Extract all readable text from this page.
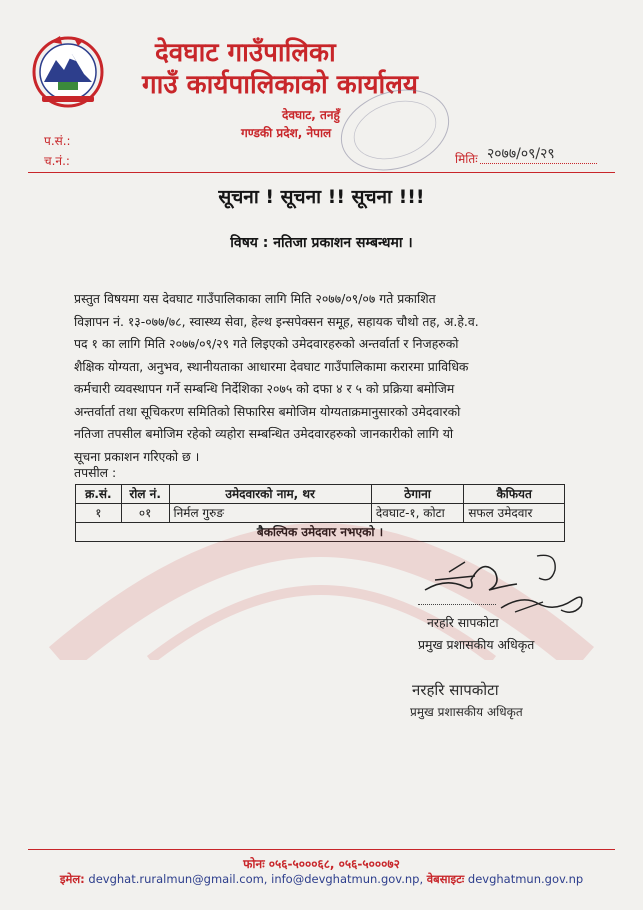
देवघाट गाउँपालिका
गाउँ कार्यपालिकाको कार्यालय
देवघाट, तनहुँ
गण्डकी प्रदेश, नेपाल
प.सं.:
च.नं.:	मितिः २०७७/०९/२९
सूचना ! सूचना !! सूचना !!!
विषय : नतिजा प्रकाशन सम्बन्धमा ।
प्रस्तुत विषयमा यस देवघाट गाउँपालिकाका लागि मिति २०७७/०९/०७ गते प्रकाशित
विज्ञापन नं. १३-०७७/७८, स्वास्थ्य सेवा, हेल्थ इन्सपेक्सन समूह, सहायक चौथो तह, अ.हे.व.
पद १ का लागि मिति २०७७/०९/२९ गते लिइएको उमेदवारहरुको अन्तर्वार्ता र निजहरुको
शैक्षिक योग्यता, अनुभव, स्थानीयताका आधारमा देवघाट गाउँपालिकामा करारमा प्राविधिक
कर्मचारी व्यवस्थापन गर्ने सम्बन्धि निर्देशिका २०७५ को दफा ४ र ५ को प्रक्रिया बमोजिम
अन्तर्वार्ता तथा सूचिकरण समितिको सिफारिस बमोजिम योग्यताक्रमानुसारको उमेदवारको
नतिजा तपसील बमोजिम रहेको व्यहोरा सम्बन्धित उमेदवारहरुको जानकारीको लागि यो
सूचना प्रकाशन गरिएको छ ।
तपसील :
क्र.सं.	रोल नं.	उमेदवारको नाम, थर	ठेगाना	कैफियत
१	०१	निर्मल गुरुङ	देवघाट-१, कोटा	सफल उमेदवार
बैकल्पिक उमेदवार नभएको ।				
नरहरि सापकोटा
प्रमुख प्रशासकीय अधिकृत
नरहरि सापकोटा
प्रमुख प्रशासकीय अधिकृत
फोनः ०५६-५०००६८, ०५६-५०००७२
इमेल: devghat.ruralmun@gmail.com, info@devghatmun.gov.np, वेबसाइटः devghatmun.gov.np
